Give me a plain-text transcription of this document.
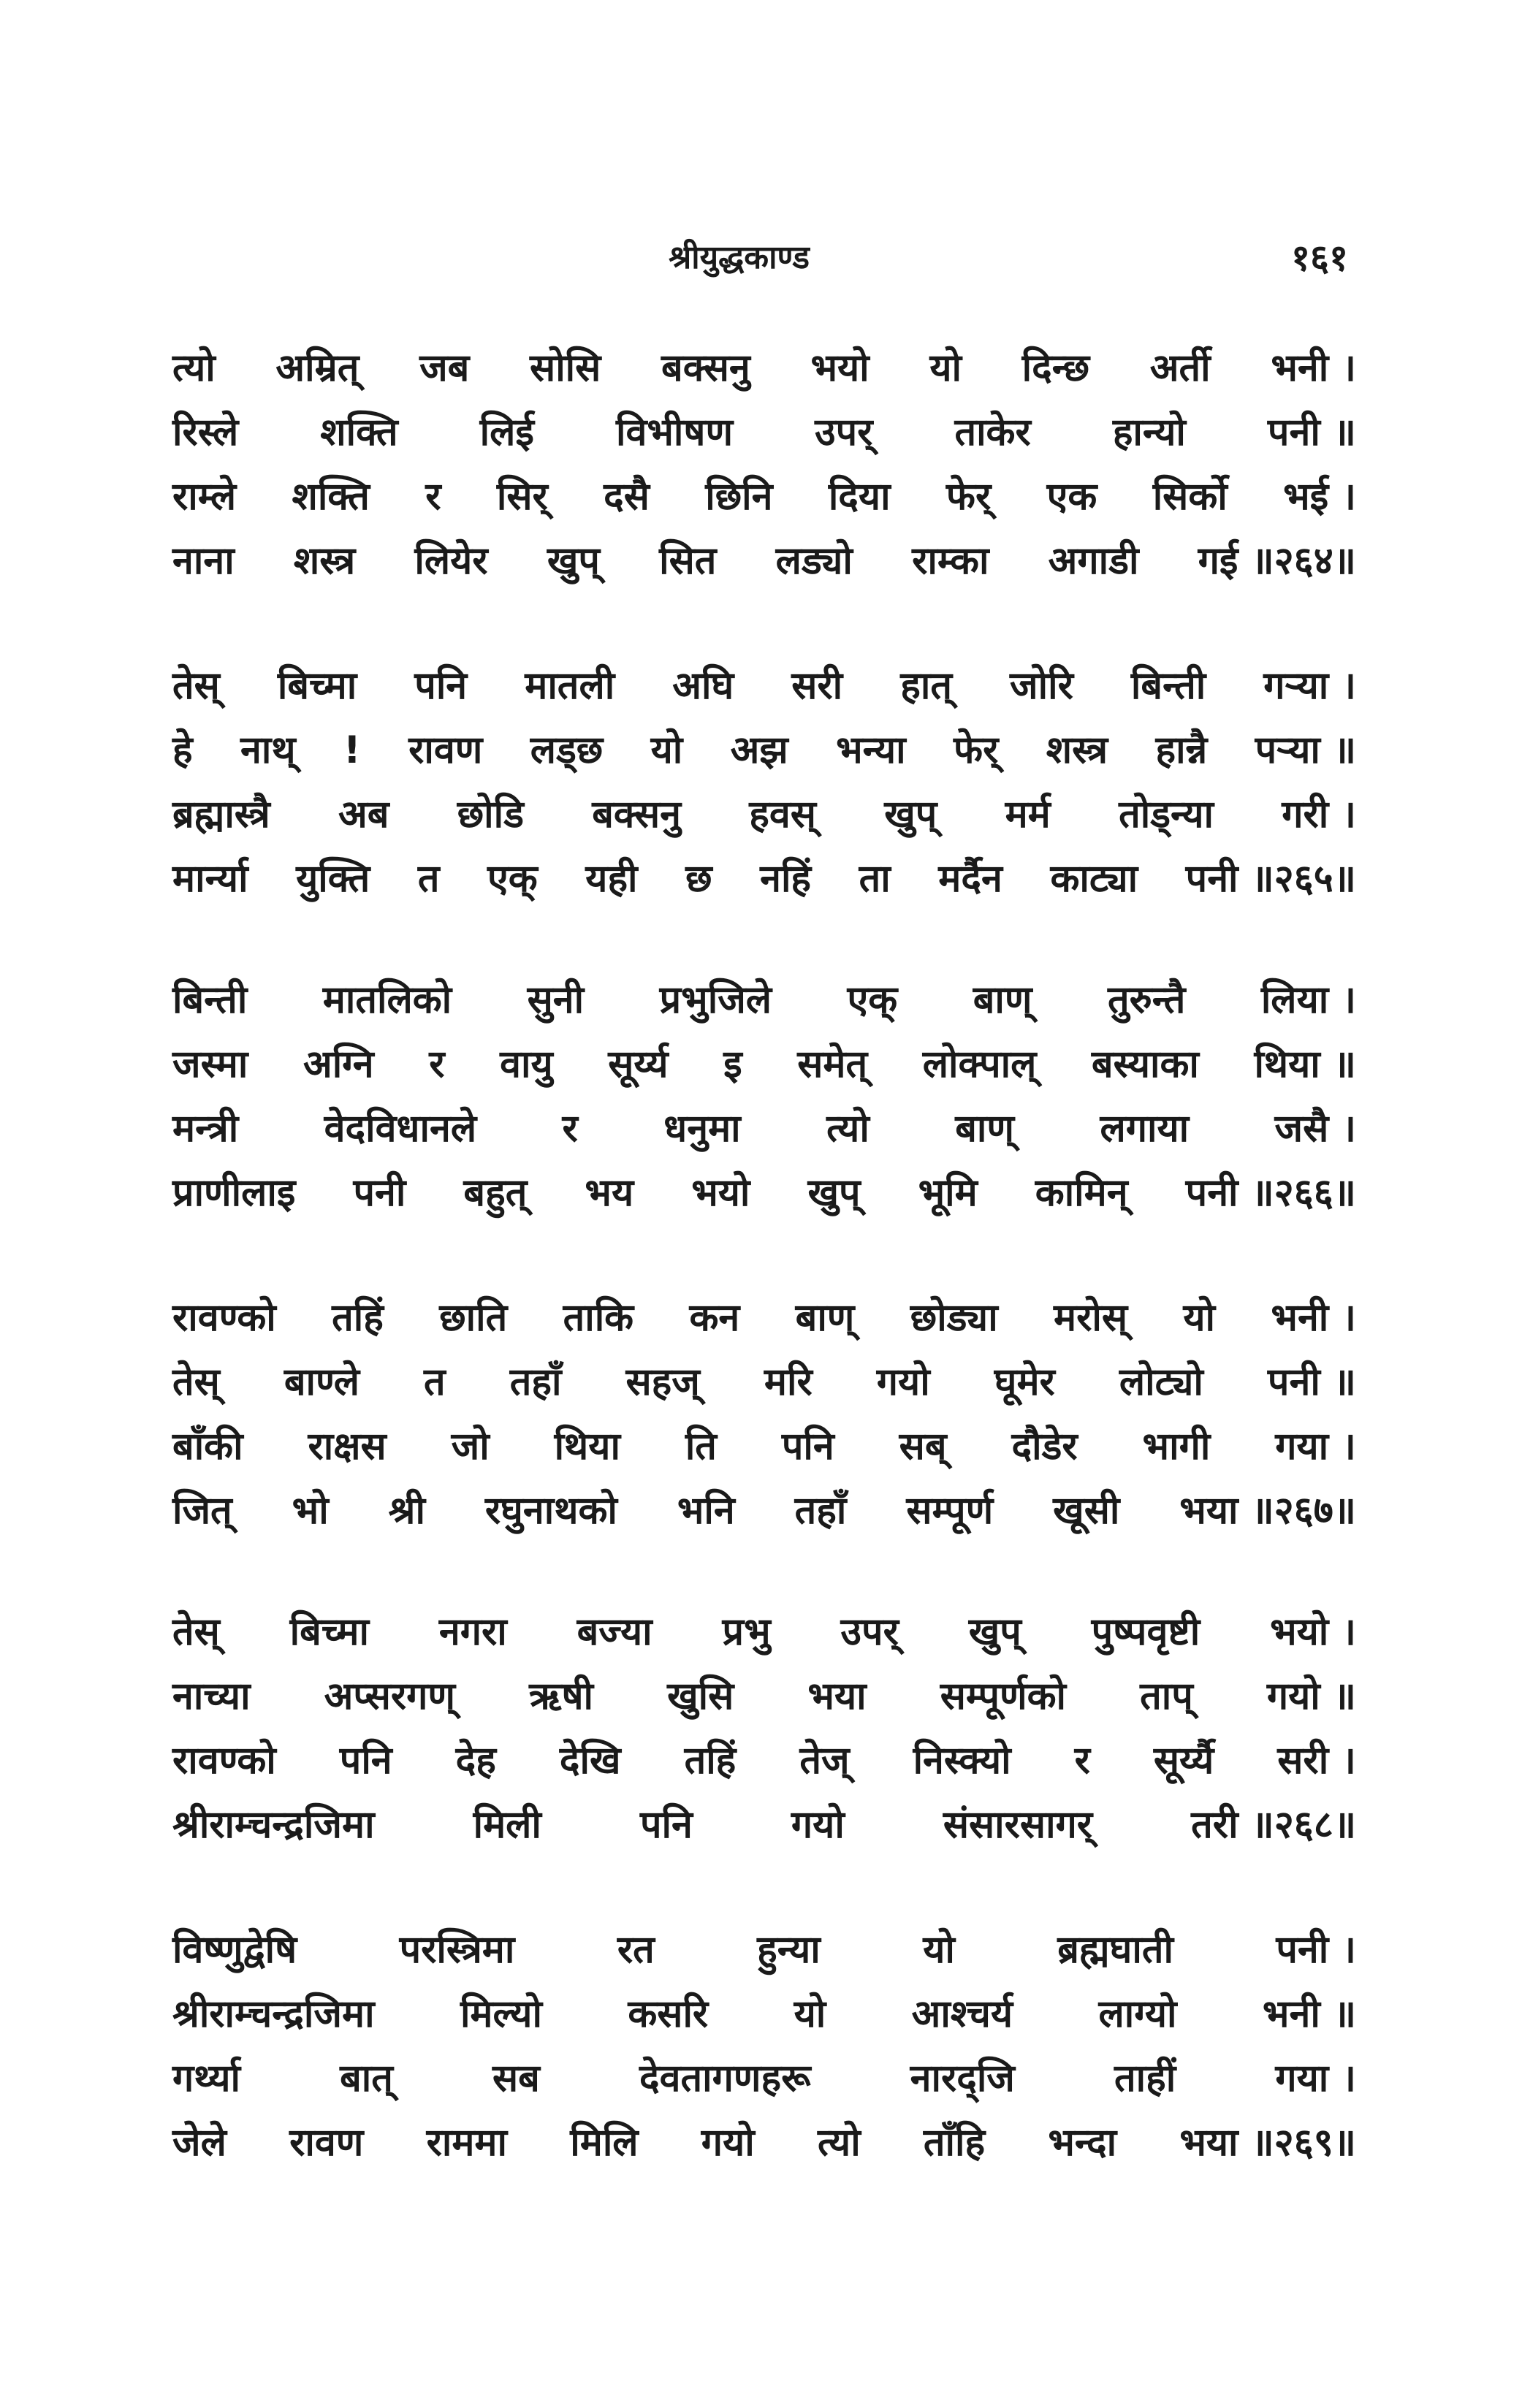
श्रीयुद्धकाण्ड	१६१
त्यो अम्रित् जब सोसि बक्सनु भयो यो दिन्छ अर्ती भनी ।
रिस्ले शक्ति लिई विभीषण उपर् ताकेर हान्यो पनी ॥
राम्ले शक्ति र सिर् दसै छिनि दिया फेर् एक सिर्को भई ।
नाना शस्त्र लियेर खुप् सित लड्यो राम्का अगाडी गई ॥२६४॥
तेस् बिच्मा पनि मातली अघि सरी हात् जोरि बिन्ती गऱ्या ।
हे नाथ् ! रावण लड्छ यो अझ भन्या फेर् शस्त्र हान्नै पऱ्या ॥
ब्रह्मास्त्रै अब छोडि बक्सनु हवस् खुप् मर्म तोड्न्या गरी ।
मार्न्या युक्ति त एक् यही छ नहिं ता मर्दैन काट्या पनी ॥२६५॥
बिन्ती मातलिको सुनी प्रभुजिले एक् बाण् तुरुन्तै लिया ।
जस्मा अग्नि र वायु सूर्य्य इ समेत् लोक्पाल् बस्याका थिया ॥
मन्त्री वेदविधानले र धनुमा त्यो बाण् लगाया जसै ।
प्राणीलाइ पनी बहुत् भय भयो खुप् भूमि कामिन् पनी ॥२६६॥
रावण्को तहिं छाति ताकि कन बाण् छोड्या मरोस् यो भनी ।
तेस् बाण्ले त तहाँ सहज् मरि गयो घूमेर लोट्यो पनी ॥
बाँकी राक्षस जो थिया ति पनि सब् दौडेर भागी गया ।
जित् भो श्री रघुनाथको भनि तहाँ सम्पूर्ण खूसी भया ॥२६७॥
तेस् बिच्मा नगरा बज्या प्रभु उपर् खुप् पुष्पवृष्टी भयो ।
नाच्या अप्सरगण् ऋषी खुसि भया सम्पूर्णको ताप् गयो ॥
रावण्को पनि देह देखि तहिं तेज् निस्क्यो र सूर्य्यै सरी ।
श्रीराम्चन्द्रजिमा	मिली	पनि	गयो	संसारसागर्	तरी ॥२६८॥
विष्णुद्वेषि	परस्त्रिमा	रत	हुन्या	यो	ब्रह्मघाती	पनी ।
श्रीराम्चन्द्रजिमा मिल्यो कसरि यो आश्चर्य लाग्यो भनी ॥
गर्थ्या	बात्	सब	देवतागणहरू	नारद्जि	ताहीं	गया ।
जेले रावण राममा मिलि गयो त्यो ताँहि भन्दा भया ॥२६९॥
